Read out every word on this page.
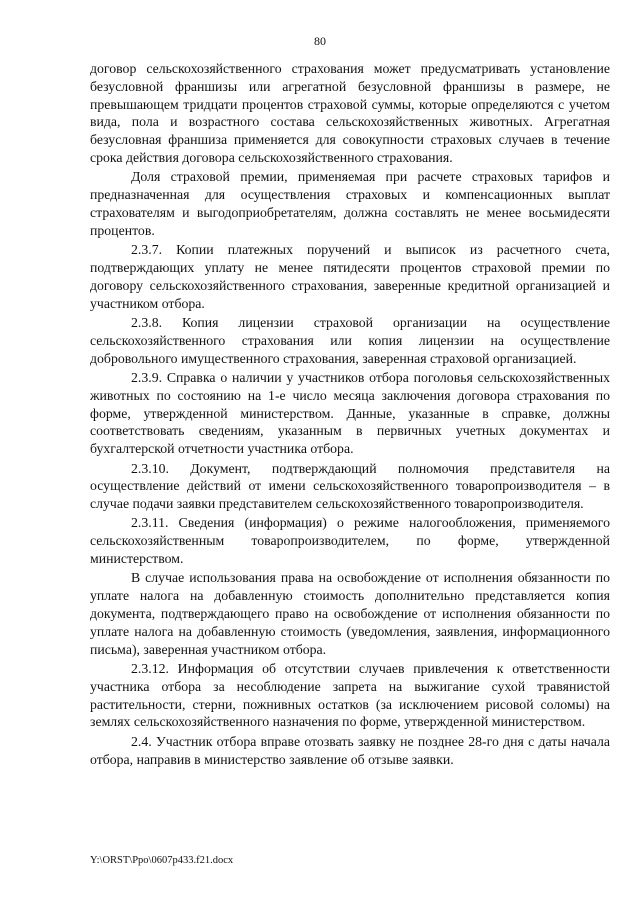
80

договор сельскохозяйственного страхования может предусматривать установление безусловной франшизы или агрегатной безусловной франшизы в размере, не превышающем тридцати процентов страховой суммы, которые определяются с учетом вида, пола и возрастного состава сельскохозяйственных животных. Агрегатная безусловная франшиза применяется для совокупности страховых случаев в течение срока действия договора сельскохозяйственного страхования.

Доля страховой премии, применяемая при расчете страховых тарифов и предназначенная для осуществления страховых и компенсационных выплат страхователям и выгодоприобретателям, должна составлять не менее восьмидесяти процентов.

2.3.7. Копии платежных поручений и выписок из расчетного счета, подтверждающих уплату не менее пятидесяти процентов страховой премии по договору сельскохозяйственного страхования, заверенные кредитной организацией и участником отбора.

2.3.8. Копия лицензии страховой организации на осуществление сельскохозяйственного страхования или копия лицензии на осуществление добровольного имущественного страхования, заверенная страховой организацией.

2.3.9. Справка о наличии у участников отбора поголовья сельскохозяйственных животных по состоянию на 1-е число месяца заключения договора страхования по форме, утвержденной министерством. Данные, указанные в справке, должны соответствовать сведениям, указанным в первичных учетных документах и бухгалтерской отчетности участника отбора.

2.3.10. Документ, подтверждающий полномочия представителя на осуществление действий от имени сельскохозяйственного товаропроизводителя – в случае подачи заявки представителем сельскохозяйственного товаропроизводителя.

2.3.11. Сведения (информация) о режиме налогообложения, применяемого сельскохозяйственным товаропроизводителем, по форме, утвержденной министерством.

В случае использования права на освобождение от исполнения обязанности по уплате налога на добавленную стоимость дополнительно представляется копия документа, подтверждающего право на освобождение от исполнения обязанности по уплате налога на добавленную стоимость (уведомления, заявления, информационного письма), заверенная участником отбора.

2.3.12. Информация об отсутствии случаев привлечения к ответственности участника отбора за несоблюдение запрета на выжигание сухой травянистой растительности, стерни, пожнивных остатков (за исключением рисовой соломы) на землях сельскохозяйственного назначения по форме, утвержденной министерством.

2.4. Участник отбора вправе отозвать заявку не позднее 28-го дня с даты начала отбора, направив в министерство заявление об отзыве заявки.

Y:\ORST\Ppo\0607p433.f21.docx
